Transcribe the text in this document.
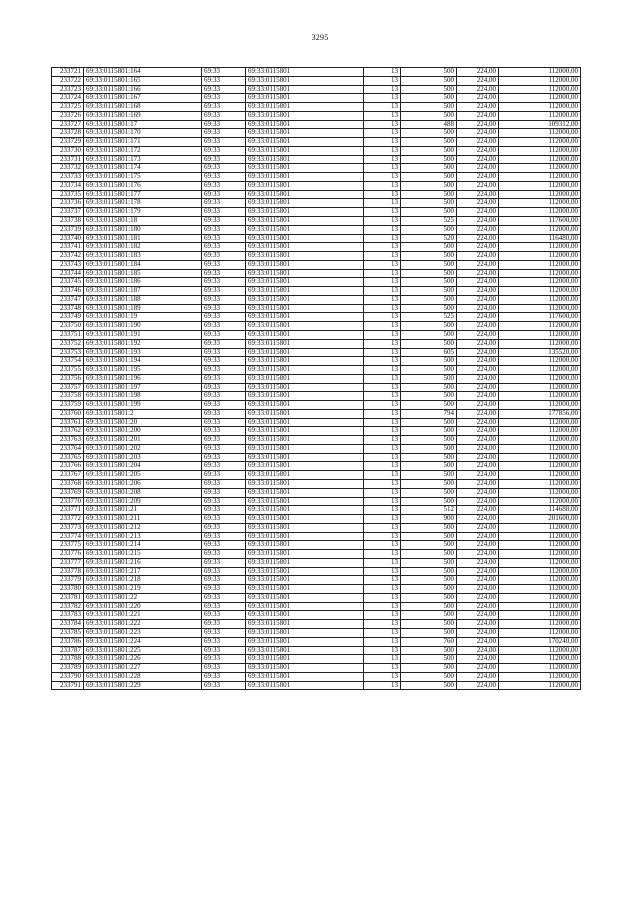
3295
233721	69:33:0115801:164	69:33	69:33:0115801	13	500	224,00	112000,00
233722	69:33:0115801:165	69:33	69:33:0115801	13	500	224,00	112000,00
233723	69:33:0115801:166	69:33	69:33:0115801	13	500	224,00	112000,00
233724	69:33:0115801:167	69:33	69:33:0115801	13	500	224,00	112000,00
233725	69:33:0115801:168	69:33	69:33:0115801	13	500	224,00	112000,00
233726	69:33:0115801:169	69:33	69:33:0115801	13	500	224,00	112000,00
233727	69:33:0115801:17	69:33	69:33:0115801	13	488	224,00	109312,00
233728	69:33:0115801:170	69:33	69:33:0115801	13	500	224,00	112000,00
233729	69:33:0115801:171	69:33	69:33:0115801	13	500	224,00	112000,00
233730	69:33:0115801:172	69:33	69:33:0115801	13	500	224,00	112000,00
233731	69:33:0115801:173	69:33	69:33:0115801	13	500	224,00	112000,00
233732	69:33:0115801:174	69:33	69:33:0115801	13	500	224,00	112000,00
233733	69:33:0115801:175	69:33	69:33:0115801	13	500	224,00	112000,00
233734	69:33:0115801:176	69:33	69:33:0115801	13	500	224,00	112000,00
233735	69:33:0115801:177	69:33	69:33:0115801	13	500	224,00	112000,00
233736	69:33:0115801:178	69:33	69:33:0115801	13	500	224,00	112000,00
233737	69:33:0115801:179	69:33	69:33:0115801	13	500	224,00	112000,00
233738	69:33:0115801:18	69:33	69:33:0115801	13	525	224,00	117600,00
233739	69:33:0115801:180	69:33	69:33:0115801	13	500	224,00	112000,00
233740	69:33:0115801:181	69:33	69:33:0115801	13	520	224,00	116480,00
233741	69:33:0115801:182	69:33	69:33:0115801	13	500	224,00	112000,00
233742	69:33:0115801:183	69:33	69:33:0115801	13	500	224,00	112000,00
233743	69:33:0115801:184	69:33	69:33:0115801	13	500	224,00	112000,00
233744	69:33:0115801:185	69:33	69:33:0115801	13	500	224,00	112000,00
233745	69:33:0115801:186	69:33	69:33:0115801	13	500	224,00	112000,00
233746	69:33:0115801:187	69:33	69:33:0115801	13	500	224,00	112000,00
233747	69:33:0115801:188	69:33	69:33:0115801	13	500	224,00	112000,00
233748	69:33:0115801:189	69:33	69:33:0115801	13	500	224,00	112000,00
233749	69:33:0115801:19	69:33	69:33:0115801	13	525	224,00	117600,00
233750	69:33:0115801:190	69:33	69:33:0115801	13	500	224,00	112000,00
233751	69:33:0115801:191	69:33	69:33:0115801	13	500	224,00	112000,00
233752	69:33:0115801:192	69:33	69:33:0115801	13	500	224,00	112000,00
233753	69:33:0115801:193	69:33	69:33:0115801	13	605	224,00	135520,00
233754	69:33:0115801:194	69:33	69:33:0115801	13	500	224,00	112000,00
233755	69:33:0115801:195	69:33	69:33:0115801	13	500	224,00	112000,00
233756	69:33:0115801:196	69:33	69:33:0115801	13	500	224,00	112000,00
233757	69:33:0115801:197	69:33	69:33:0115801	13	500	224,00	112000,00
233758	69:33:0115801:198	69:33	69:33:0115801	13	500	224,00	112000,00
233759	69:33:0115801:199	69:33	69:33:0115801	13	500	224,00	112000,00
233760	69:33:0115801:2	69:33	69:33:0115801	13	794	224,00	177856,00
233761	69:33:0115801:20	69:33	69:33:0115801	13	500	224,00	112000,00
233762	69:33:0115801:200	69:33	69:33:0115801	13	500	224,00	112000,00
233763	69:33:0115801:201	69:33	69:33:0115801	13	500	224,00	112000,00
233764	69:33:0115801:202	69:33	69:33:0115801	13	500	224,00	112000,00
233765	69:33:0115801:203	69:33	69:33:0115801	13	500	224,00	112000,00
233766	69:33:0115801:204	69:33	69:33:0115801	13	500	224,00	112000,00
233767	69:33:0115801:205	69:33	69:33:0115801	13	500	224,00	112000,00
233768	69:33:0115801:206	69:33	69:33:0115801	13	500	224,00	112000,00
233769	69:33:0115801:208	69:33	69:33:0115801	13	500	224,00	112000,00
233770	69:33:0115801:209	69:33	69:33:0115801	13	500	224,00	112000,00
233771	69:33:0115801:21	69:33	69:33:0115801	13	512	224,00	114688,00
233772	69:33:0115801:211	69:33	69:33:0115801	13	900	224,00	201600,00
233773	69:33:0115801:212	69:33	69:33:0115801	13	500	224,00	112000,00
233774	69:33:0115801:213	69:33	69:33:0115801	13	500	224,00	112000,00
233775	69:33:0115801:214	69:33	69:33:0115801	13	500	224,00	112000,00
233776	69:33:0115801:215	69:33	69:33:0115801	13	500	224,00	112000,00
233777	69:33:0115801:216	69:33	69:33:0115801	13	500	224,00	112000,00
233778	69:33:0115801:217	69:33	69:33:0115801	13	500	224,00	112000,00
233779	69:33:0115801:218	69:33	69:33:0115801	13	500	224,00	112000,00
233780	69:33:0115801:219	69:33	69:33:0115801	13	500	224,00	112000,00
233781	69:33:0115801:22	69:33	69:33:0115801	13	500	224,00	112000,00
233782	69:33:0115801:220	69:33	69:33:0115801	13	500	224,00	112000,00
233783	69:33:0115801:221	69:33	69:33:0115801	13	500	224,00	112000,00
233784	69:33:0115801:222	69:33	69:33:0115801	13	500	224,00	112000,00
233785	69:33:0115801:223	69:33	69:33:0115801	13	500	224,00	112000,00
233786	69:33:0115801:224	69:33	69:33:0115801	13	760	224,00	170240,00
233787	69:33:0115801:225	69:33	69:33:0115801	13	500	224,00	112000,00
233788	69:33:0115801:226	69:33	69:33:0115801	13	500	224,00	112000,00
233789	69:33:0115801:227	69:33	69:33:0115801	13	500	224,00	112000,00
233790	69:33:0115801:228	69:33	69:33:0115801	13	500	224,00	112000,00
233791	69:33:0115801:229	69:33	69:33:0115801	13	500	224,00	112000,00
